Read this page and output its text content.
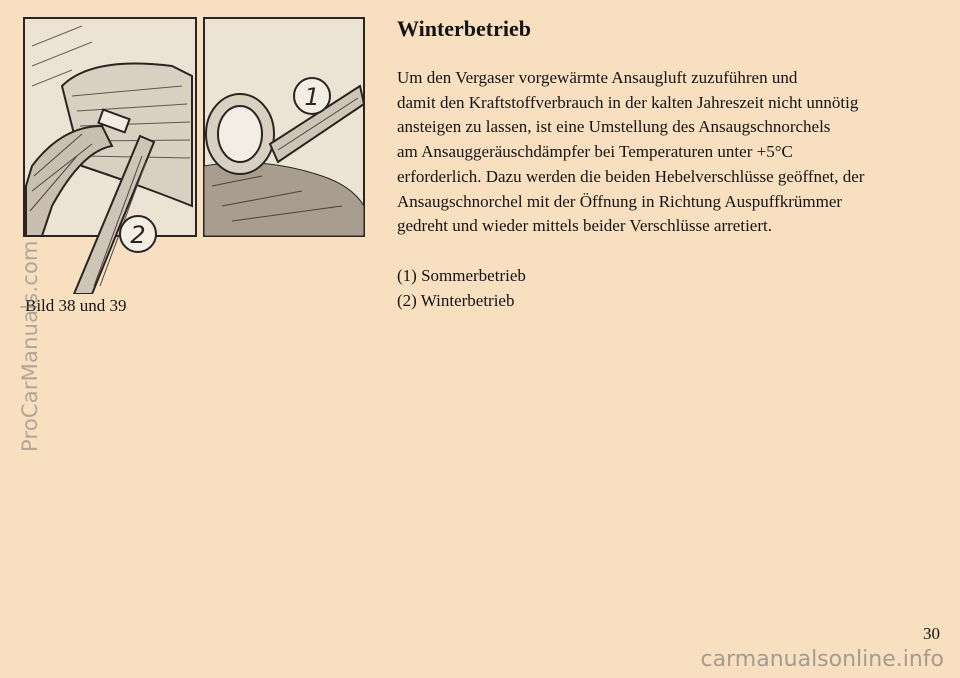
2
1
Bild 38 und 39
Winterbetrieb

Um den Vergaser vorgewärmte Ansaugluft zuzuführen und
damit den Kraftstoffverbrauch in der kalten Jahreszeit nicht unnötig
ansteigen zu lassen, ist eine Umstellung des Ansaugschnorchels
am Ansauggeräuschdämpfer bei Temperaturen unter +5°C
erforderlich. Dazu werden die beiden Hebelverschlüsse geöffnet, der
Ansaugschnorchel mit der Öffnung in Richtung Auspuffkrümmer
gedreht und wieder mittels beider Verschlüsse arretiert.

(1) Sommerbetrieb
(2) Winterbetrieb
30
ProCarManuals.com
carmanualsonline.info
